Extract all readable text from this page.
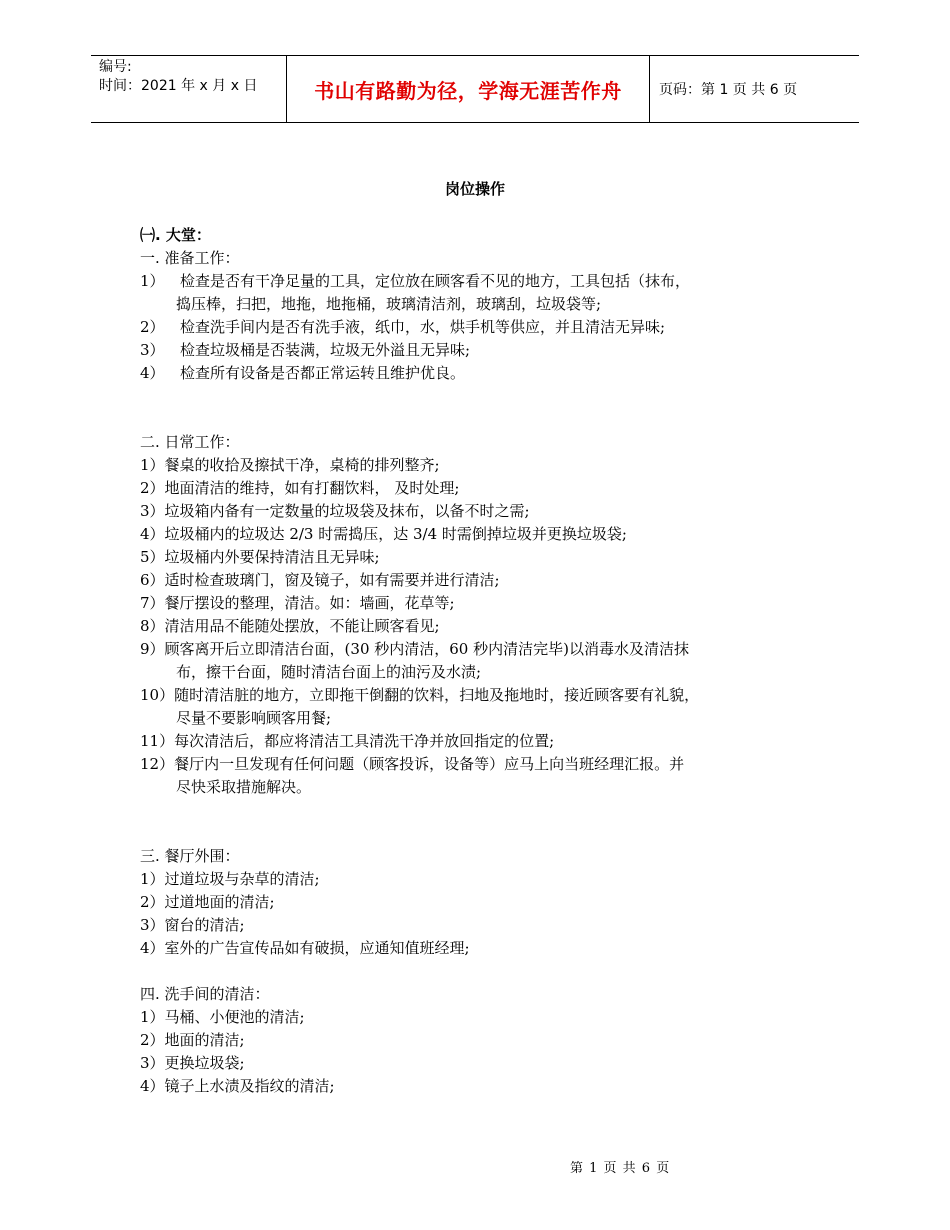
编号:
时间：2021 年 x 月 x 日	书山有路勤为径，学海无涯苦作舟	页码：第 1 页 共 6 页
岗位操作
㈠. 大堂：
一. 准备工作：
1）	检查是否有干净足量的工具，定位放在顾客看不见的地方，工具包括（抹布，
捣压棒，扫把，地拖，地拖桶，玻璃清洁剂，玻璃刮，垃圾袋等;
2）	检查洗手间内是否有洗手液，纸巾，水，烘手机等供应，并且清洁无异味;
3）	检查垃圾桶是否装满，垃圾无外溢且无异味;
4）	检查所有设备是否都正常运转且维护优良。
二. 日常工作：
1）餐桌的收拾及擦拭干净，桌椅的排列整齐;
2）地面清洁的维持，如有打翻饮料， 及时处理;
3）垃圾箱内备有一定数量的垃圾袋及抹布，以备不时之需;
4）垃圾桶内的垃圾达 2/3 时需捣压，达 3/4 时需倒掉垃圾并更换垃圾袋;
5）垃圾桶内外要保持清洁且无异味;
6）适时检查玻璃门，窗及镜子，如有需要并进行清洁;
7）餐厅摆设的整理，清洁。如：墙画，花草等;
8）清洁用品不能随处摆放，不能让顾客看见;
9）顾客离开后立即清洁台面，(30 秒内清洁，60 秒内清洁完毕)以消毒水及清洁抹
布，擦干台面，随时清洁台面上的油污及水渍;
10）随时清洁脏的地方，立即拖干倒翻的饮料，扫地及拖地时，接近顾客要有礼貌，
尽量不要影响顾客用餐;
11）每次清洁后，都应将清洁工具清洗干净并放回指定的位置;
12）餐厅内一旦发现有任何问题（顾客投诉，设备等）应马上向当班经理汇报。并
尽快采取措施解决。
三. 餐厅外围：
1）过道垃圾与杂草的清洁;
2）过道地面的清洁;
3）窗台的清洁;
4）室外的广告宣传品如有破损，应通知值班经理;
四. 洗手间的清洁：
1）马桶、小便池的清洁;
2）地面的清洁;
3）更换垃圾袋;
4）镜子上水渍及指纹的清洁;
第 1 页 共 6 页
